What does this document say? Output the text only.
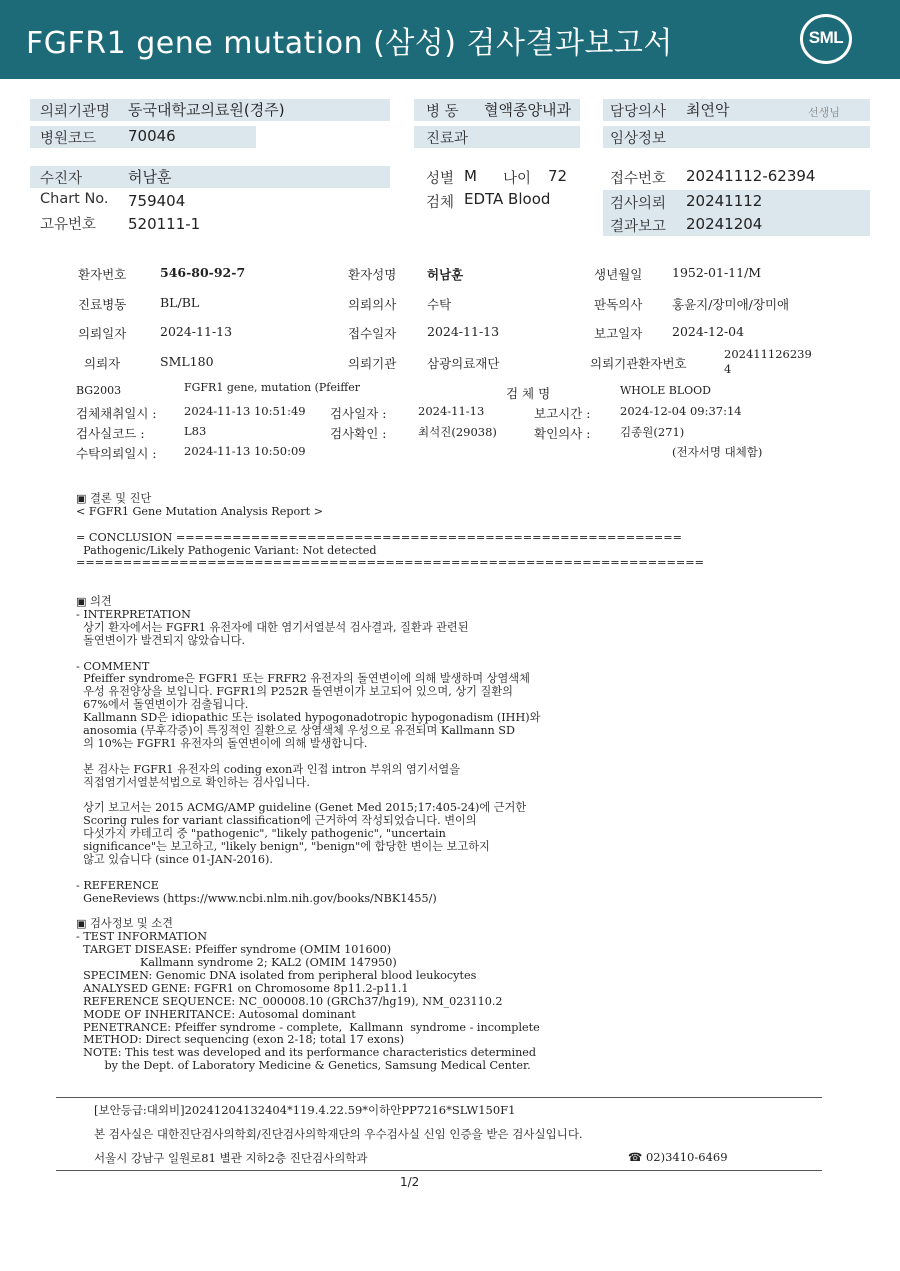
FGFR1 gene mutation (삼성) 검사결과보고서	SML
의뢰기관명 동국대학교의료원(경주)
병원코드 70046
병 동 혈액종양내과
진료과
담당의사 최연악	선생님
임상정보
수진자	허남훈
Chart No. 759404
고유번호 520111-1
성별 M 나이 72
검체 EDTA Blood
접수번호 20241112-62394
검사의뢰 20241112
결과보고 20241204
환자번호	546-80-92-7	환자성명 허남훈	생년월일 1952-01-11/M
진료병동	BL/BL	의뢰의사 수탁	판독의사 홍윤지/장미애/장미애
의뢰일자	2024-11-13	접수일자 2024-11-13	보고일자 2024-12-04
의뢰자	SML180	의뢰기관 삼광의료재단	의뢰기관환자번호
202411126239
4
BG2003	FGFR1 gene, mutation (Pfeiffer	검 체 명	WHOLE BLOOD
검체채취일시 : 2024-11-13 10:51:49 검사일자 :	2024-11-13	보고시간 :	2024-12-04 09:37:14
검사실코드 :	L83	검사확인 :	최석진(29038)	확인의사 :	김종원(271)
수탁의뢰일시 : 2024-11-13 10:50:09	(전자서명 대체함)
▣ 결론 및 진단
< FGFR1 Gene Mutation Analysis Report >

= CONCLUSION ======================================================
Pathogenic/Likely Pathogenic Variant: Not detected
===================================================================

▣ 의견
- INTERPRETATION
상기 환자에서는 FGFR1 유전자에 대한 염기서열분석 검사결과, 질환과 관련된
돌연변이가 발견되지 않았습니다.

- COMMENT
Pfeiffer syndrome은 FGFR1 또는 FRFR2 유전자의 돌연변이에 의해 발생하며 상염색체
우성 유전양상을 보입니다. FGFR1의 P252R 돌연변이가 보고되어 있으며, 상기 질환의
67%에서 돌연변이가 검출됩니다.
Kallmann SD은 idiopathic 또는 isolated hypogonadotropic hypogonadism (IHH)와
anosomia (무후각증)이 특징적인 질환으로 상염색체 우성으로 유전되며 Kallmann SD
의 10%는 FGFR1 유전자의 돌연변이에 의해 발생합니다.

본 검사는 FGFR1 유전자의 coding exon과 인접 intron 부위의 염기서열을
직접염기서열분석법으로 확인하는 검사입니다.

상기 보고서는 2015 ACMG/AMP guideline (Genet Med 2015;17:405-24)에 근거한
Scoring rules for variant classification에 근거하여 작성되었습니다. 변이의
다섯가지 카테고리 중 "pathogenic", "likely pathogenic", "uncertain
significance"는 보고하고, "likely benign", "benign"에 합당한 변이는 보고하지
않고 있습니다 (since 01-JAN-2016).

- REFERENCE
GeneReviews (https://www.ncbi.nlm.nih.gov/books/NBK1455/)

▣ 검사정보 및 소견
- TEST INFORMATION
TARGET DISEASE: Pfeiffer syndrome (OMIM 101600)
Kallmann syndrome 2; KAL2 (OMIM 147950)
SPECIMEN: Genomic DNA isolated from peripheral blood leukocytes
ANALYSED GENE: FGFR1 on Chromosome 8p11.2-p11.1
REFERENCE SEQUENCE: NC_000008.10 (GRCh37/hg19), NM_023110.2
MODE OF INHERITANCE: Autosomal dominant
PENETRANCE: Pfeiffer syndrome - complete,  Kallmann  syndrome - incomplete
METHOD: Direct sequencing (exon 2-18; total 17 exons)
NOTE: This test was developed and its performance characteristics determined
by the Dept. of Laboratory Medicine & Genetics, Samsung Medical Center.
[보안등급:대외비]20241204132404*119.4.22.59*이하안PP7216*SLW150F1
본 검사실은 대한진단검사의학회/진단검사의학재단의 우수검사실 신임 인증을 받은 검사실입니다.
서울시 강남구 일원로81 별관 지하2층 진단검사의학과	☎ 02)3410-6469
1/2
